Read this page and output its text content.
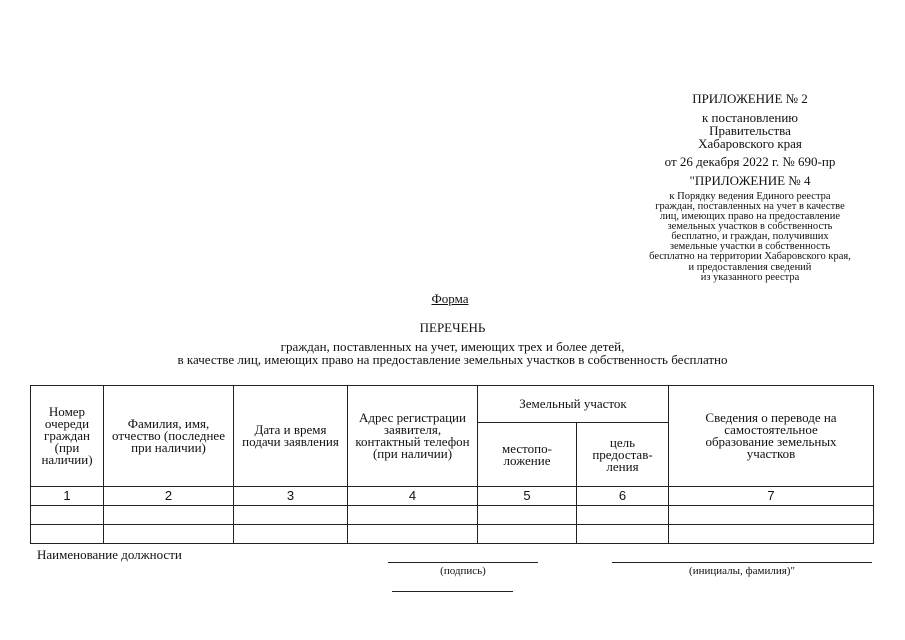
ПРИЛОЖЕНИЕ № 2
к постановлению
Правительства
Хабаровского края
от 26 декабря 2022 г. № 690-пр
"ПРИЛОЖЕНИЕ № 4
к Порядку ведения Единого реестра
граждан, поставленных на учет в качестве
лиц, имеющих право на предоставление
земельных участков в собственность
бесплатно, и граждан, получивших
земельные участки в собственность
бесплатно на территории Хабаровского края,
и предоставления сведений
из указанного реестра
Форма
ПЕРЕЧЕНЬ
граждан, поставленных на учет, имеющих трех и более детей,
в качестве лиц, имеющих право на предоставление земельных участков в собственность бесплатно
Номер очереди граждан (при наличии)	Фамилия, имя, отчество (последнее при наличии)	Дата и время подачи заявления	Адрес регистрации заявителя, контактный телефон (при наличии)	Земельный участок		Сведения о переводе на самостоятельное образование земельных участков
				местопо-ложение	цель предостав-ления	
1	2	3	4	5	6	7

Наименование должности
(подпись)	(инициалы, фамилия)"
